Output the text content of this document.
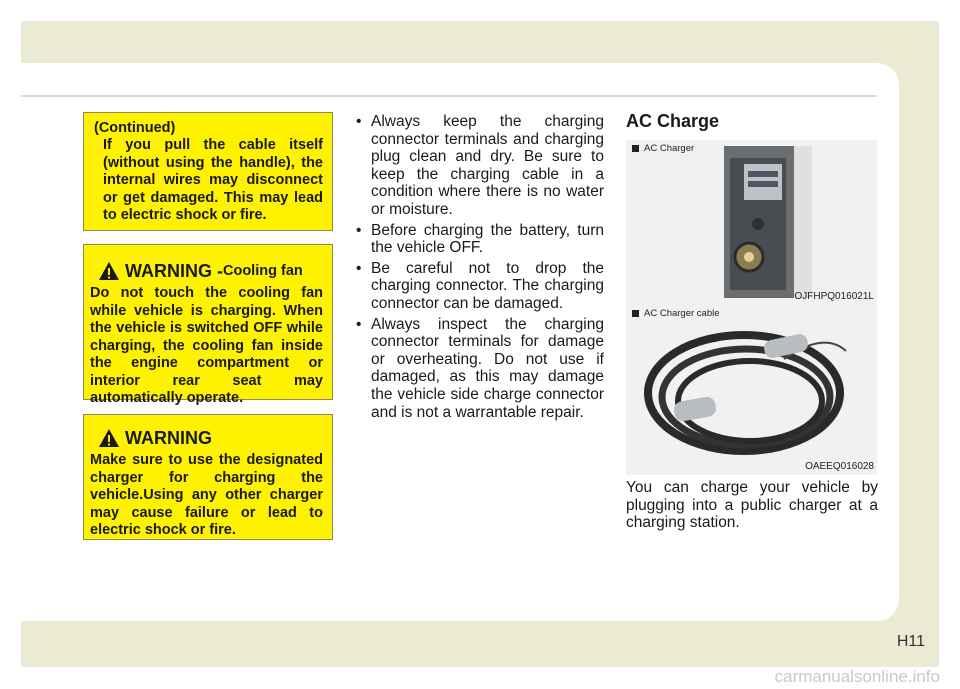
(Continued)
If you pull the cable itself (without using the handle), the internal wires may disconnect or get damaged. This may lead to electric shock or fire.
WARNING - Cooling fan
Do not touch the cooling fan while vehicle is charging. When the vehicle is switched OFF while charging, the cooling fan inside the engine compartment or interior rear seat may automatically operate.
WARNING
Make sure to use the designated charger for charging the vehicle.Using any other charger may cause failure or lead to electric shock or fire.
• Always keep the charging connector terminals and charging plug clean and dry. Be sure to keep the charging cable in a condition where there is no water or moisture.
• Before charging the battery, turn the vehicle OFF.
• Be careful not to drop the charging connector. The charging connector can be damaged.
• Always inspect the charging connector terminals for damage or overheating. Do not use if damaged, as this may damage the vehicle side charge connector and is not a warrantable repair.
AC Charge
AC Charger
OJFHPQ016021L
AC Charger cable
OAEEQ016028
You can charge your vehicle by plugging into a public charger at a charging station.
H11
carmanualsonline.info
